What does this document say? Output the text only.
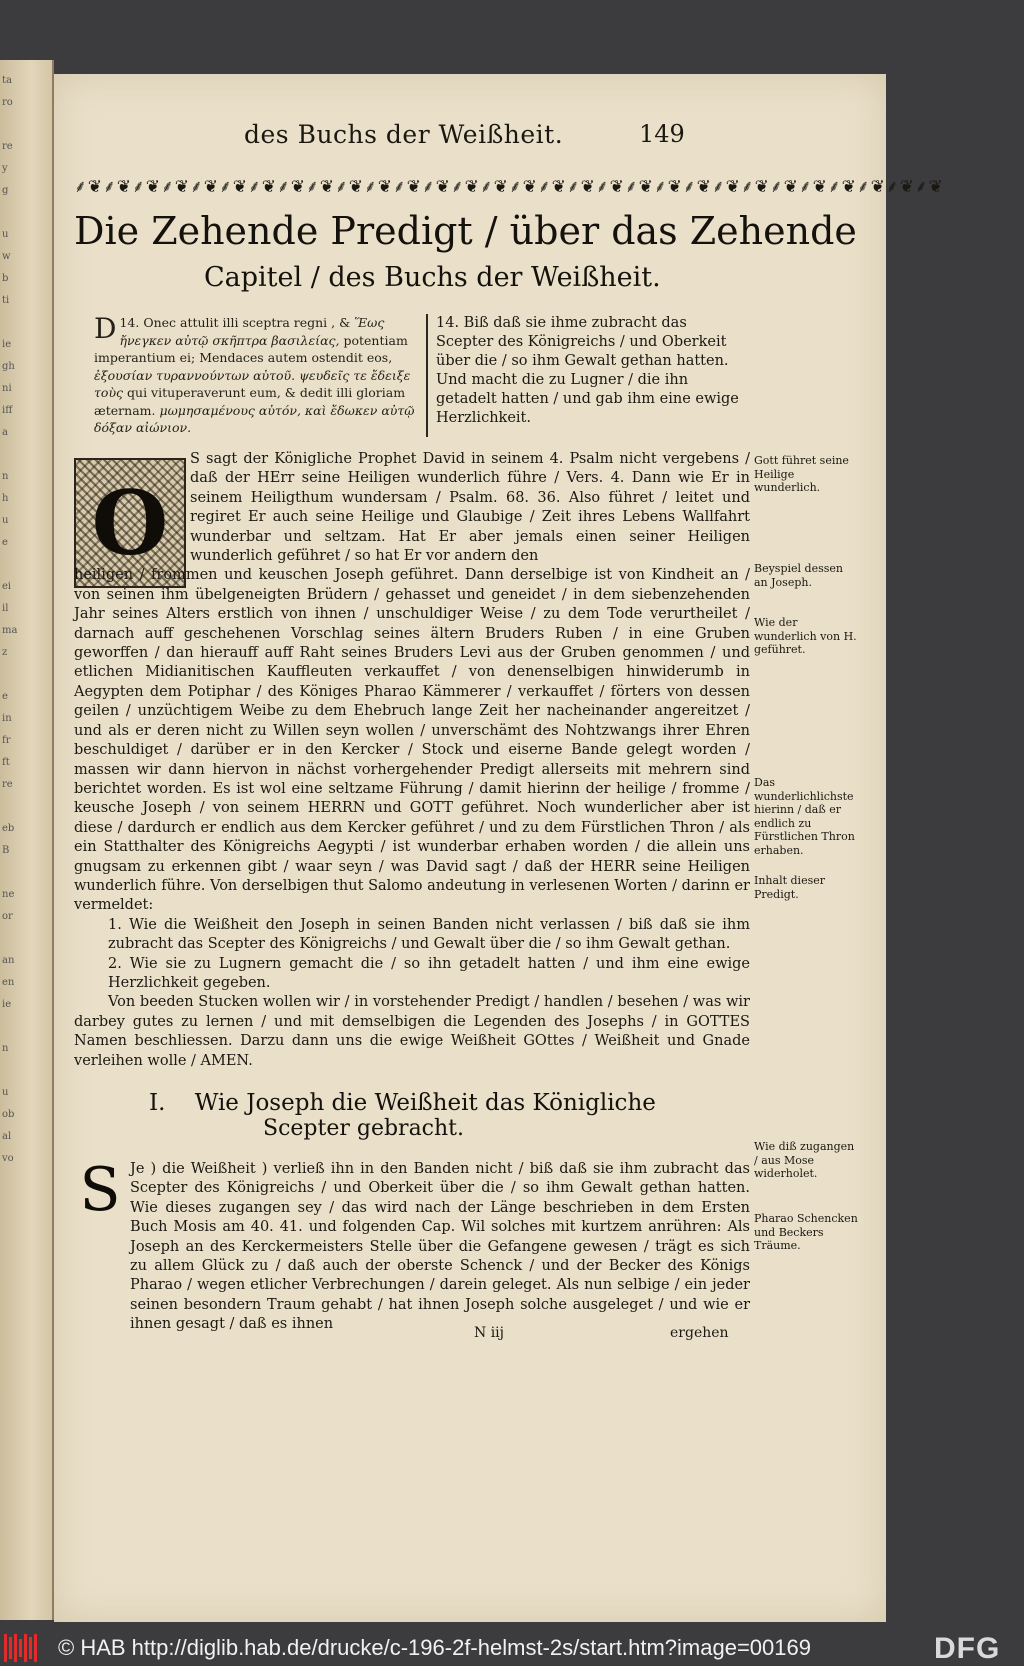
ta
ro

re
y
g

u
w
b
ti

ie
gh
ni
iff
a

n
h
u
e

ei
il
ma
z

e
in
fr
ft
re

eb
B

ne
or

an
en
ie

n

u
ob
al
vo
des Buchs der Weißheit.	149
⸙❦⸙❦⸙❦⸙❦⸙❦⸙❦⸙❦⸙❦⸙❦⸙❦⸙❦⸙❦⸙❦⸙❦⸙❦⸙❦⸙❦⸙❦⸙❦⸙❦⸙❦⸙❦⸙❦⸙❦⸙❦⸙❦⸙❦⸙❦⸙❦⸙❦
Die Zehende Predigt / über das Zehende
Capitel / des Buchs der Weißheit.
14.
D Onec attulit illi sceptra regni , & Ἕως ἤνεγκεν αὐτῷ σκῆπτρα βασιλείας, potentiam imperantium ei; Mendaces autem ostendit eos, ἐξουσίαν τυραννούντων αὐτοῦ. ψευδεῖς τε ἔδειξε τοὺς qui vituperaverunt eum, & dedit illi gloriam æternam. μωμησαμένους αὐτόν, καὶ ἔδωκεν αὐτῷ δόξαν αἰώνιον.
14. Biß daß sie ihme zubracht das Scepter des Königreichs / und Oberkeit über die / so ihm Gewalt gethan hatten. Und macht die zu Lugner / die ihn getadelt hatten / und gab ihm eine ewige Herzlichkeit.
O
S sagt der Königliche Prophet David in seinem 4. Psalm nicht vergebens / daß der HErr seine Heiligen wunderlich führe / Vers. 4. Dann wie Er in seinem Heiligthum wundersam / Psalm. 68. 36. Also führet / leitet und regiret Er auch seine Heilige und Glaubige / Zeit ihres Lebens Wallfahrt wunderbar und seltzam. Hat Er aber jemals einen seiner Heiligen wunderlich geführet / so hat Er vor andern den
heiligen / frommen und keuschen Joseph geführet. Dann derselbige ist von Kindheit an / von seinen ihm übelgeneigten Brüdern / gehasset und geneidet / in dem siebenzehenden Jahr seines Alters erstlich von ihnen / unschuldiger Weise / zu dem Tode verurtheilet / darnach auff geschehenen Vorschlag seines ältern Bruders Ruben / in eine Gruben geworffen / dan hierauff auff Raht seines Bruders Levi aus der Gruben genommen / und etlichen Midianitischen Kauffleuten verkauffet / von denenselbigen hinwiderumb in Aegypten dem Potiphar / des Königes Pharao Kämmerer / verkauffet / förters von dessen geilen / unzüchtigem Weibe zu dem Ehebruch lange Zeit her nacheinander angereitzet / und als er deren nicht zu Willen seyn wollen / unverschämt des Nohtzwangs ihrer Ehren beschuldiget / darüber er in den Kercker / Stock und eiserne Bande gelegt worden / massen wir dann hiervon in nächst vorhergehender Predigt allerseits mit mehrern sind berichtet worden. Es ist wol eine seltzame Führung / damit hierinn der heilige / fromme / keusche Joseph / von seinem HERRN und GOTT geführet. Noch wunderlicher aber ist diese / dardurch er endlich aus dem Kercker geführet / und zu dem Fürstlichen Thron / als ein Statthalter des Königreichs Aegypti / ist wunderbar erhaben worden / die allein uns gnugsam zu erkennen gibt / waar seyn / was David sagt / daß der HERR seine Heiligen wunderlich führe. Von derselbigen thut Salomo andeutung in verlesenen Worten / darinn er vermeldet:
1. Wie die Weißheit den Joseph in seinen Banden nicht verlassen / biß daß sie ihm zubracht das Scepter des Königreichs / und Gewalt über die / so ihm Gewalt gethan.
2. Wie sie zu Lugnern gemacht die / so ihn getadelt hatten / und ihm eine ewige Herzlichkeit gegeben.
Von beeden Stucken wollen wir / in vorstehender Predigt / handlen / besehen / was wir darbey gutes zu lernen / und mit demselbigen die Legenden des Josephs / in GOTTES Namen beschliessen. Darzu dann uns die ewige Weißheit GOttes / Weißheit und Gnade verleihen wolle / AMEN.
Gott führet seine Heilige wunderlich.
Beyspiel dessen an Joseph.
Wie der wunderlich von H. geführet.
Das wunderlichlichste hierinn / daß er endlich zu Fürstlichen Thron erhaben.
Inhalt dieser Predigt.
I. Wie Joseph die Weißheit das Königliche
Scepter gebracht.
S Je ) die Weißheit ) verließ ihn in den Banden nicht / biß daß sie ihm zubracht das Scepter des Königreichs / und Oberkeit über die / so ihm Gewalt gethan hatten. Wie dieses zugangen sey / das wird nach der Länge beschrieben in dem Ersten Buch Mosis am 40. 41. und folgenden Cap. Wil solches mit kurtzem anrühren: Als Joseph an des Kerckermeisters Stelle über die Gefangene gewesen / trägt es sich zu allem Glück zu / daß auch der oberste Schenck / und der Becker des Königs Pharao / wegen etlicher Verbrechungen / darein geleget. Als nun selbige / ein jeder seinen besondern Traum gehabt / hat ihnen Joseph solche ausgeleget / und wie er ihnen gesagt / daß es ihnen
Wie diß zugangen / aus Mose widerholet.
Pharao Schencken und Beckers Träume.
N iij	ergehen
© HAB http://diglib.hab.de/drucke/c-196-2f-helmst-2s/start.htm?image=00169	DFG
